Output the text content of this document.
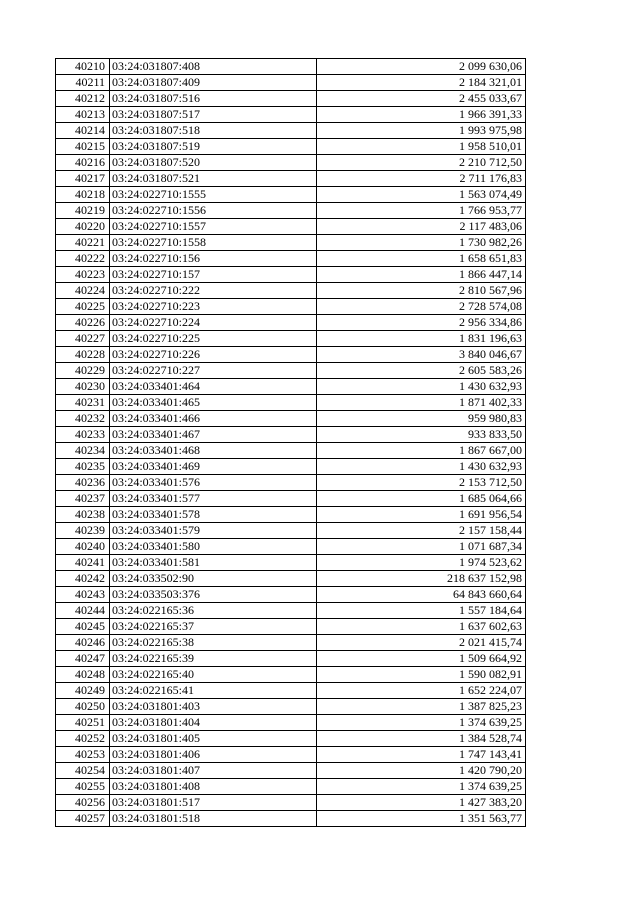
40210	03:24:031807:408	2 099 630,06
40211	03:24:031807:409	2 184 321,01
40212	03:24:031807:516	2 455 033,67
40213	03:24:031807:517	1 966 391,33
40214	03:24:031807:518	1 993 975,98
40215	03:24:031807:519	1 958 510,01
40216	03:24:031807:520	2 210 712,50
40217	03:24:031807:521	2 711 176,83
40218	03:24:022710:1555	1 563 074,49
40219	03:24:022710:1556	1 766 953,77
40220	03:24:022710:1557	2 117 483,06
40221	03:24:022710:1558	1 730 982,26
40222	03:24:022710:156	1 658 651,83
40223	03:24:022710:157	1 866 447,14
40224	03:24:022710:222	2 810 567,96
40225	03:24:022710:223	2 728 574,08
40226	03:24:022710:224	2 956 334,86
40227	03:24:022710:225	1 831 196,63
40228	03:24:022710:226	3 840 046,67
40229	03:24:022710:227	2 605 583,26
40230	03:24:033401:464	1 430 632,93
40231	03:24:033401:465	1 871 402,33
40232	03:24:033401:466	959 980,83
40233	03:24:033401:467	933 833,50
40234	03:24:033401:468	1 867 667,00
40235	03:24:033401:469	1 430 632,93
40236	03:24:033401:576	2 153 712,50
40237	03:24:033401:577	1 685 064,66
40238	03:24:033401:578	1 691 956,54
40239	03:24:033401:579	2 157 158,44
40240	03:24:033401:580	1 071 687,34
40241	03:24:033401:581	1 974 523,62
40242	03:24:033502:90	218 637 152,98
40243	03:24:033503:376	64 843 660,64
40244	03:24:022165:36	1 557 184,64
40245	03:24:022165:37	1 637 602,63
40246	03:24:022165:38	2 021 415,74
40247	03:24:022165:39	1 509 664,92
40248	03:24:022165:40	1 590 082,91
40249	03:24:022165:41	1 652 224,07
40250	03:24:031801:403	1 387 825,23
40251	03:24:031801:404	1 374 639,25
40252	03:24:031801:405	1 384 528,74
40253	03:24:031801:406	1 747 143,41
40254	03:24:031801:407	1 420 790,20
40255	03:24:031801:408	1 374 639,25
40256	03:24:031801:517	1 427 383,20
40257	03:24:031801:518	1 351 563,77
